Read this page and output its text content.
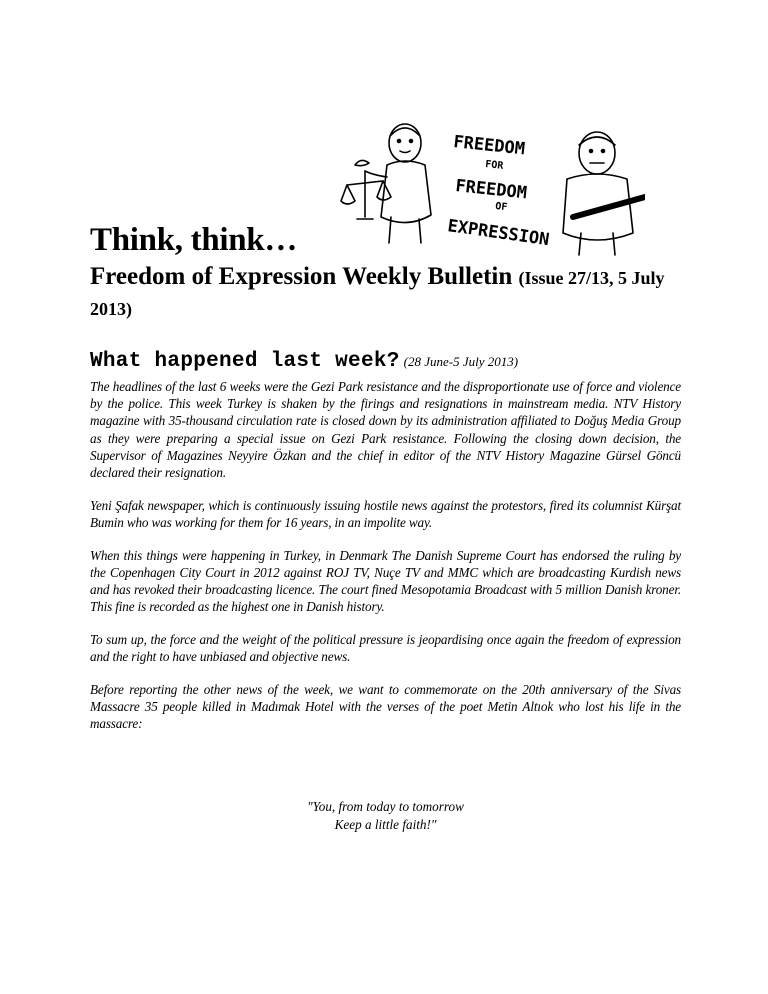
FREEDOM
FOR
FREEDOM
OF
EXPRESSION
Think, think…
Freedom of Expression Weekly Bulletin (Issue 27/13, 5 July 2013)
What happened last week? (28 June-5 July 2013)

The headlines of the last 6 weeks were the Gezi Park resistance and the disproportionate use of force and violence by the police. This week Turkey is shaken by the firings and resignations in mainstream media. NTV History magazine with 35-thousand circulation rate is closed down by its administration affiliated to Doğuş Media Group as they were preparing a special issue on Gezi Park resistance. Following the closing down decision, the Supervisor of Magazines Neyyire Özkan and the chief in editor of the NTV History Magazine Gürsel Göncü declared their resignation.

Yeni Şafak newspaper, which is continuously issuing hostile news against the protestors, fired its columnist Kürşat Bumin who was working for them for 16 years, in an impolite way.

When this things were happening in Turkey, in Denmark The Danish Supreme Court has endorsed the ruling by the Copenhagen City Court in 2012 against ROJ TV, Nuçe TV and MMC which are broadcasting Kurdish news and has revoked their broadcasting licence. The court fined Mesopotamia Broadcast with 5 million Danish kroner. This fine is recorded as the highest one in Danish history.

To sum up, the force and the weight of the political pressure is jeopardising once again the freedom of expression and the right to have unbiased and objective news.

Before reporting the other news of the week, we want to commemorate on the 20th anniversary of the Sivas Massacre 35 people killed in Madımak Hotel with the verses of the poet Metin Altıok who lost his life in the massacre:

"You, from today to tomorrow
Keep a little faith!"
